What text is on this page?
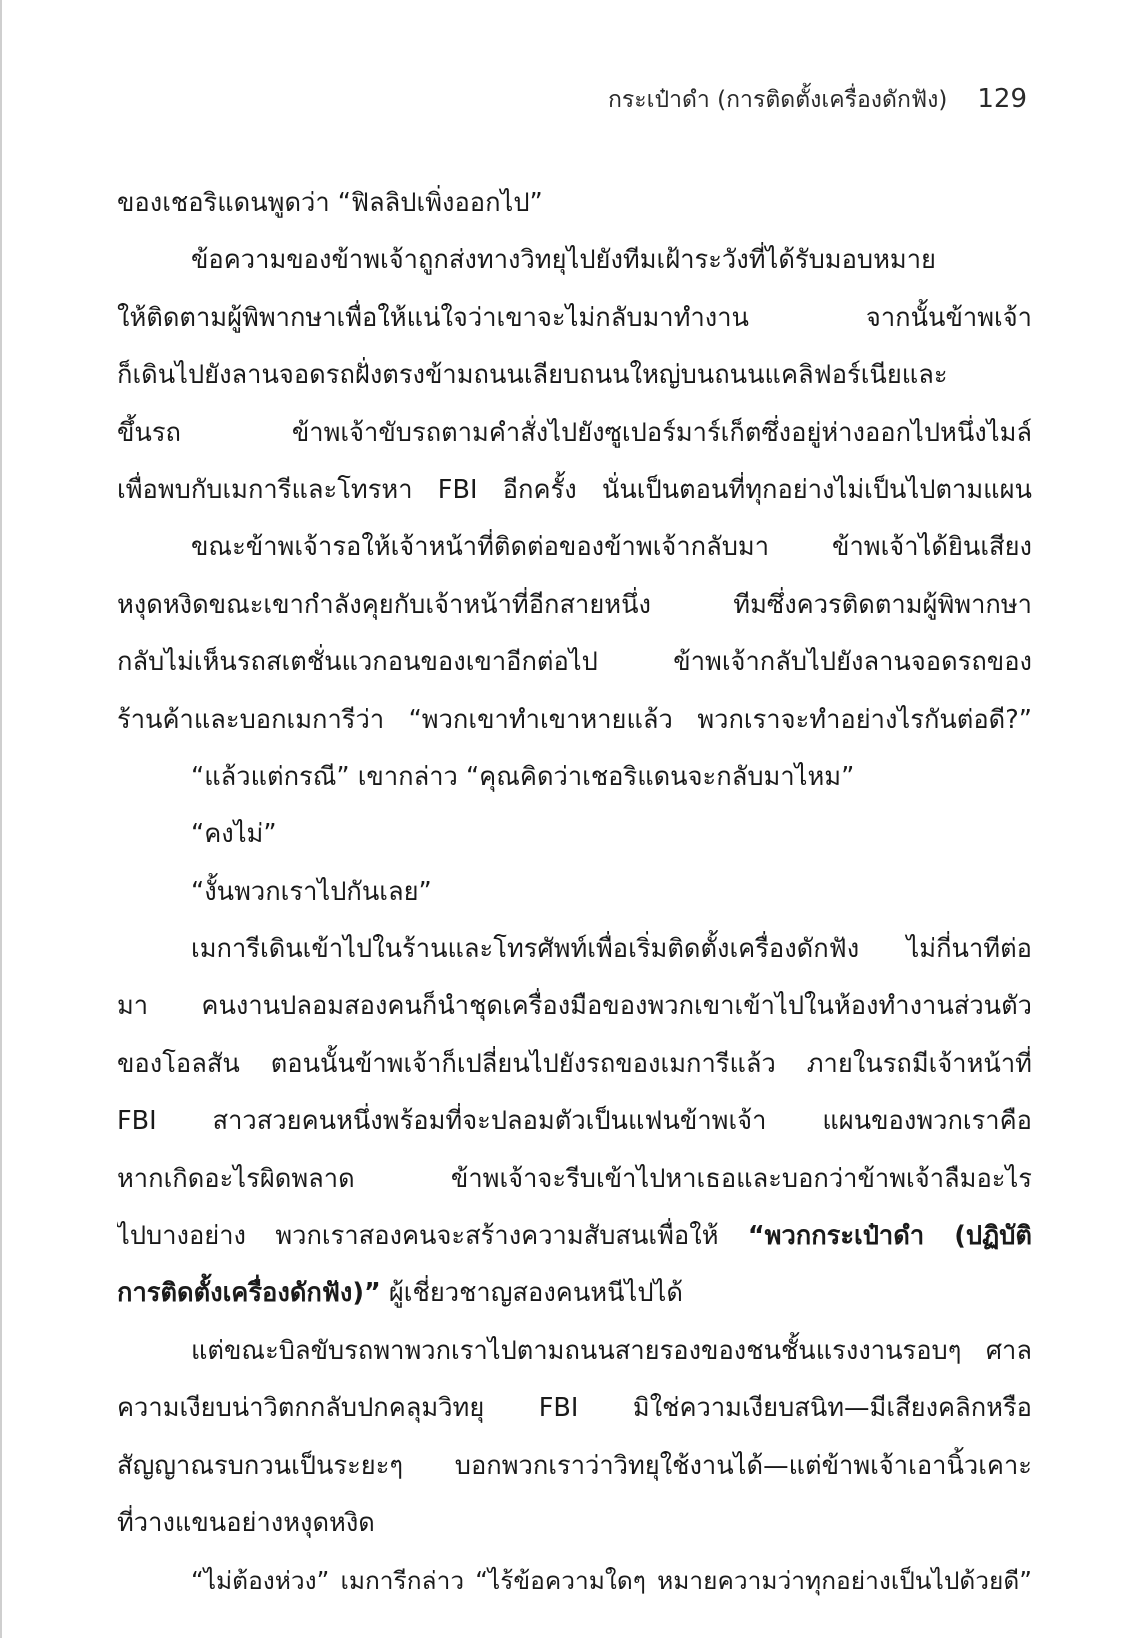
กระเป๋าดำ (การติดตั้งเครื่องดักฟัง) 129
ของเชอริแดนพูดว่า “ฟิลลิปเพิ่งออกไป”
ข้อความของข้าพเจ้าถูกส่งทางวิทยุไปยังทีมเฝ้าระวังที่ได้รับมอบหมาย
ให้ติดตามผู้พิพากษาเพื่อให้แน่ใจว่าเขาจะไม่กลับมาทำงาน จากนั้นข้าพเจ้า
ก็เดินไปยังลานจอดรถฝั่งตรงข้ามถนนเลียบถนนใหญ่บนถนนแคลิฟอร์เนียและ
ขึ้นรถ ข้าพเจ้าขับรถตามคำสั่งไปยังซูเปอร์มาร์เก็ตซึ่งอยู่ห่างออกไปหนึ่งไมล์
เพื่อพบกับเมการีและโทรหา FBI อีกครั้ง นั่นเป็นตอนที่ทุกอย่างไม่เป็นไปตามแผน
ขณะข้าพเจ้ารอให้เจ้าหน้าที่ติดต่อของข้าพเจ้ากลับมา ข้าพเจ้าได้ยินเสียง
หงุดหงิดขณะเขากำลังคุยกับเจ้าหน้าที่อีกสายหนึ่ง ทีมซึ่งควรติดตามผู้พิพากษา
กลับไม่เห็นรถสเตชั่นแวกอนของเขาอีกต่อไป ข้าพเจ้ากลับไปยังลานจอดรถของ
ร้านค้าและบอกเมการีว่า “พวกเขาทำเขาหายแล้ว พวกเราจะทำอย่างไรกันต่อดี?”
“แล้วแต่กรณี” เขากล่าว “คุณคิดว่าเชอริแดนจะกลับมาไหม”
“คงไม่”
“งั้นพวกเราไปกันเลย”
เมการีเดินเข้าไปในร้านและโทรศัพท์เพื่อเริ่มติดตั้งเครื่องดักฟัง ไม่กี่นาทีต่อ
มา คนงานปลอมสองคนก็นำชุดเครื่องมือของพวกเขาเข้าไปในห้องทำงานส่วนตัว
ของโอลสัน ตอนนั้นข้าพเจ้าก็เปลี่ยนไปยังรถของเมการีแล้ว ภายในรถมีเจ้าหน้าที่
FBI สาวสวยคนหนึ่งพร้อมที่จะปลอมตัวเป็นแฟนข้าพเจ้า แผนของพวกเราคือ
หากเกิดอะไรผิดพลาด ข้าพเจ้าจะรีบเข้าไปหาเธอและบอกว่าข้าพเจ้าลืมอะไร
ไปบางอย่าง พวกเราสองคนจะสร้างความสับสนเพื่อให้ “พวกกระเป๋าดำ (ปฏิบัติ
การติดตั้งเครื่องดักฟัง)” ผู้เชี่ยวชาญสองคนหนีไปได้
แต่ขณะบิลขับรถพาพวกเราไปตามถนนสายรองของชนชั้นแรงงานรอบๆ ศาล
ความเงียบน่าวิตกกลับปกคลุมวิทยุ FBI มิใช่ความเงียบสนิท—มีเสียงคลิกหรือ
สัญญาณรบกวนเป็นระยะๆ บอกพวกเราว่าวิทยุใช้งานได้—แต่ข้าพเจ้าเอานิ้วเคาะ
ที่วางแขนอย่างหงุดหงิด
“ไม่ต้องห่วง” เมการีกล่าว “ไร้ข้อความใดๆ หมายความว่าทุกอย่างเป็นไปด้วยดี”
